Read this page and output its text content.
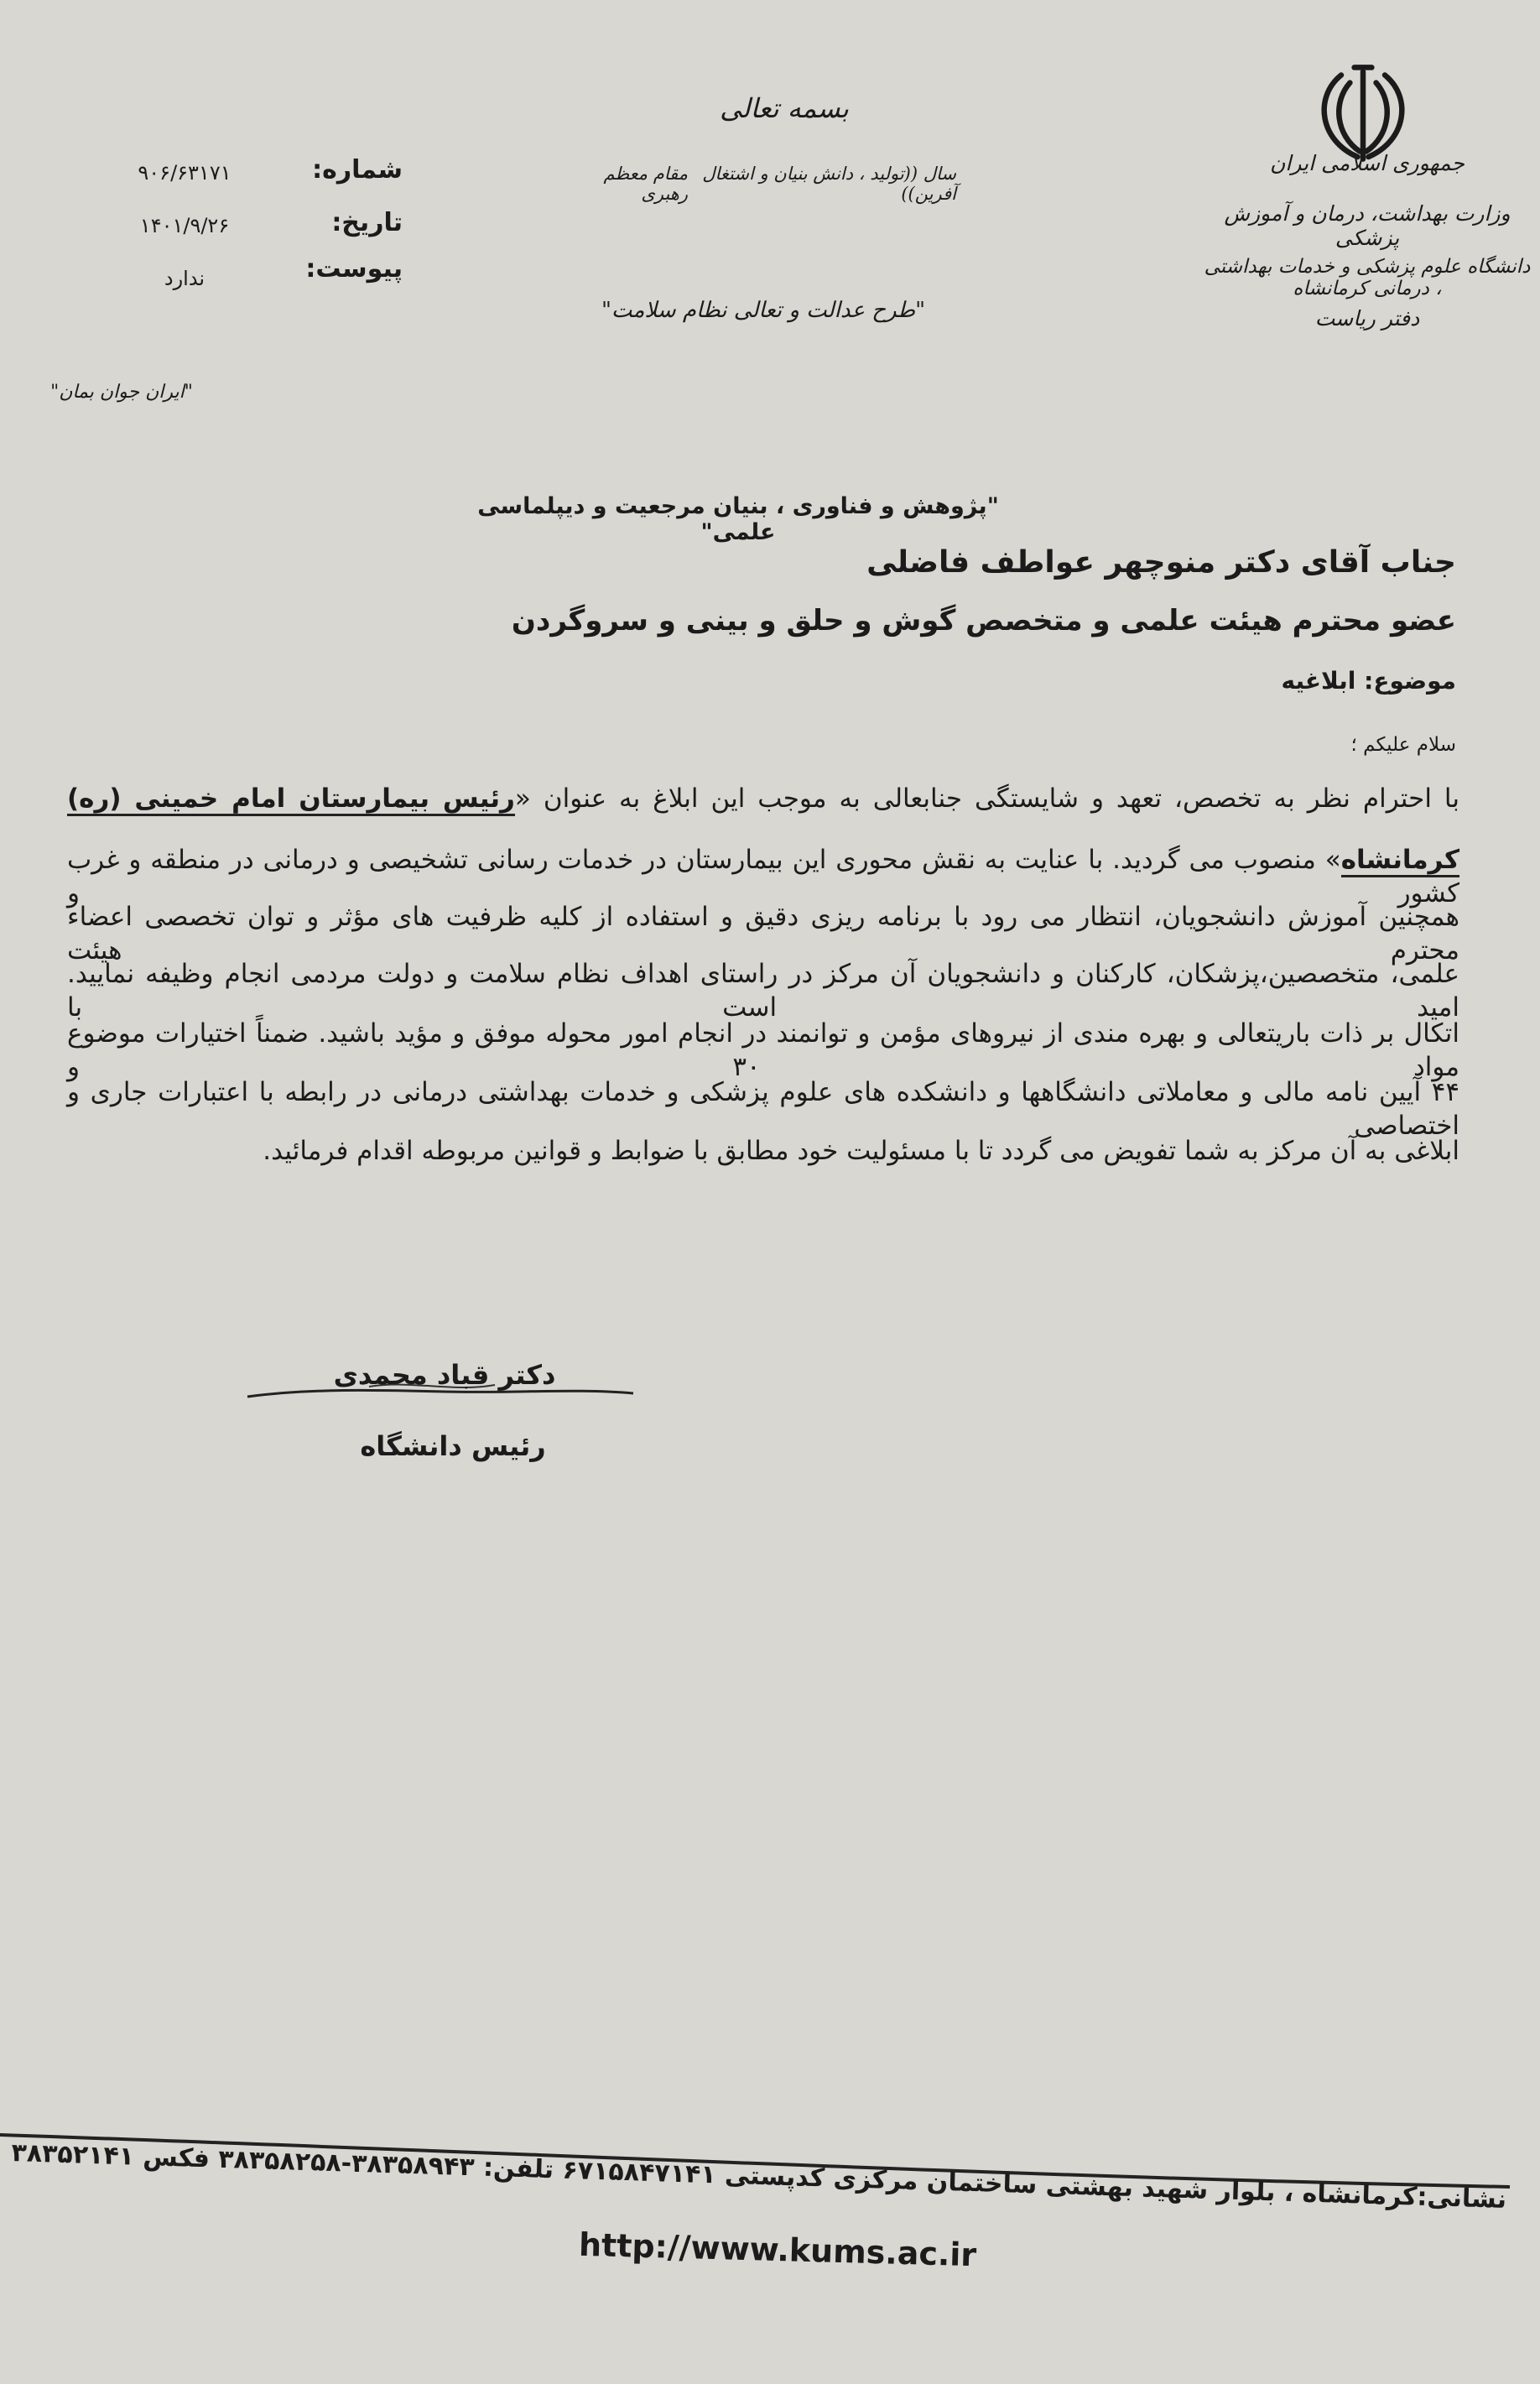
جمهوری اسلامی ایران
وزارت بهداشت، درمان و آموزش پزشکی
دانشگاه علوم پزشکی و خدمات بهداشتی ، درمانی کرمانشاه
دفتر ریاست
بسمه تعالی
سال ((تولید ، دانش بنیان و اشتغال آفرین))
مقام معظم رهبری
"طرح عدالت و تعالی نظام سلامت"
شماره:
۹۰۶/۶۳۱۷۱
تاریخ:
۱۴۰۱/۹/۲۶
پیوست:
ندارد
"ایران جوان بمان"
"پژوهش و فناوری ، بنیان مرجعیت و دیپلماسی علمی"
جناب آقای دکتر منوچهر عواطف فاضلی
عضو محترم هیئت علمی و متخصص گوش و حلق و بینی و سروگردن
موضوع: ابلاغیه
سلام علیکم ؛
با احترام نظر به تخصص، تعهد و شایستگی جنابعالی به موجب این ابلاغ به عنوان «رئیس بیمارستان امام خمینی (ره)
کرمانشاه» منصوب می گردید. با عنایت به نقش محوری این بیمارستان در خدمات رسانی تشخیصی و درمانی در منطقه و غرب کشور و
همچنین آموزش دانشجویان، انتظار می رود با برنامه ریزی دقیق و استفاده از کلیه ظرفیت های مؤثر و توان تخصصی اعضاء محترم هیئت
علمی، متخصصین،پزشکان، کارکنان و دانشجویان آن مرکز در راستای اهداف نظام سلامت و دولت مردمی انجام وظیفه نمایید. امید است با
اتکال بر ذات باریتعالی و بهره مندی از نیروهای مؤمن و توانمند در انجام امور محوله موفق و مؤید باشید. ضمناً اختیارات موضوع مواد ۳۰ و
۴۴ آیین نامه مالی و معاملاتی دانشگاهها و دانشکده های علوم پزشکی و خدمات بهداشتی درمانی در رابطه با اعتبارات جاری و اختصاصی
ابلاغی به آن مرکز به شما تفویض می گردد تا با مسئولیت خود مطابق با ضوابط و قوانین مربوطه اقدام فرمائید.
دکتر قباد محمدی
رئیس دانشگاه
نشانی:کرمانشاه ، بلوار شهید بهشتی ساختمان مرکزی کدپستی ۶۷۱۵۸۴۷۱۴۱ تلفن: ۳۸۳۵۸۹۴۳-۳۸۳۵۸۲۵۸ فکس ۳۸۳۵۲۱۴۱
http://www.kums.ac.ir
